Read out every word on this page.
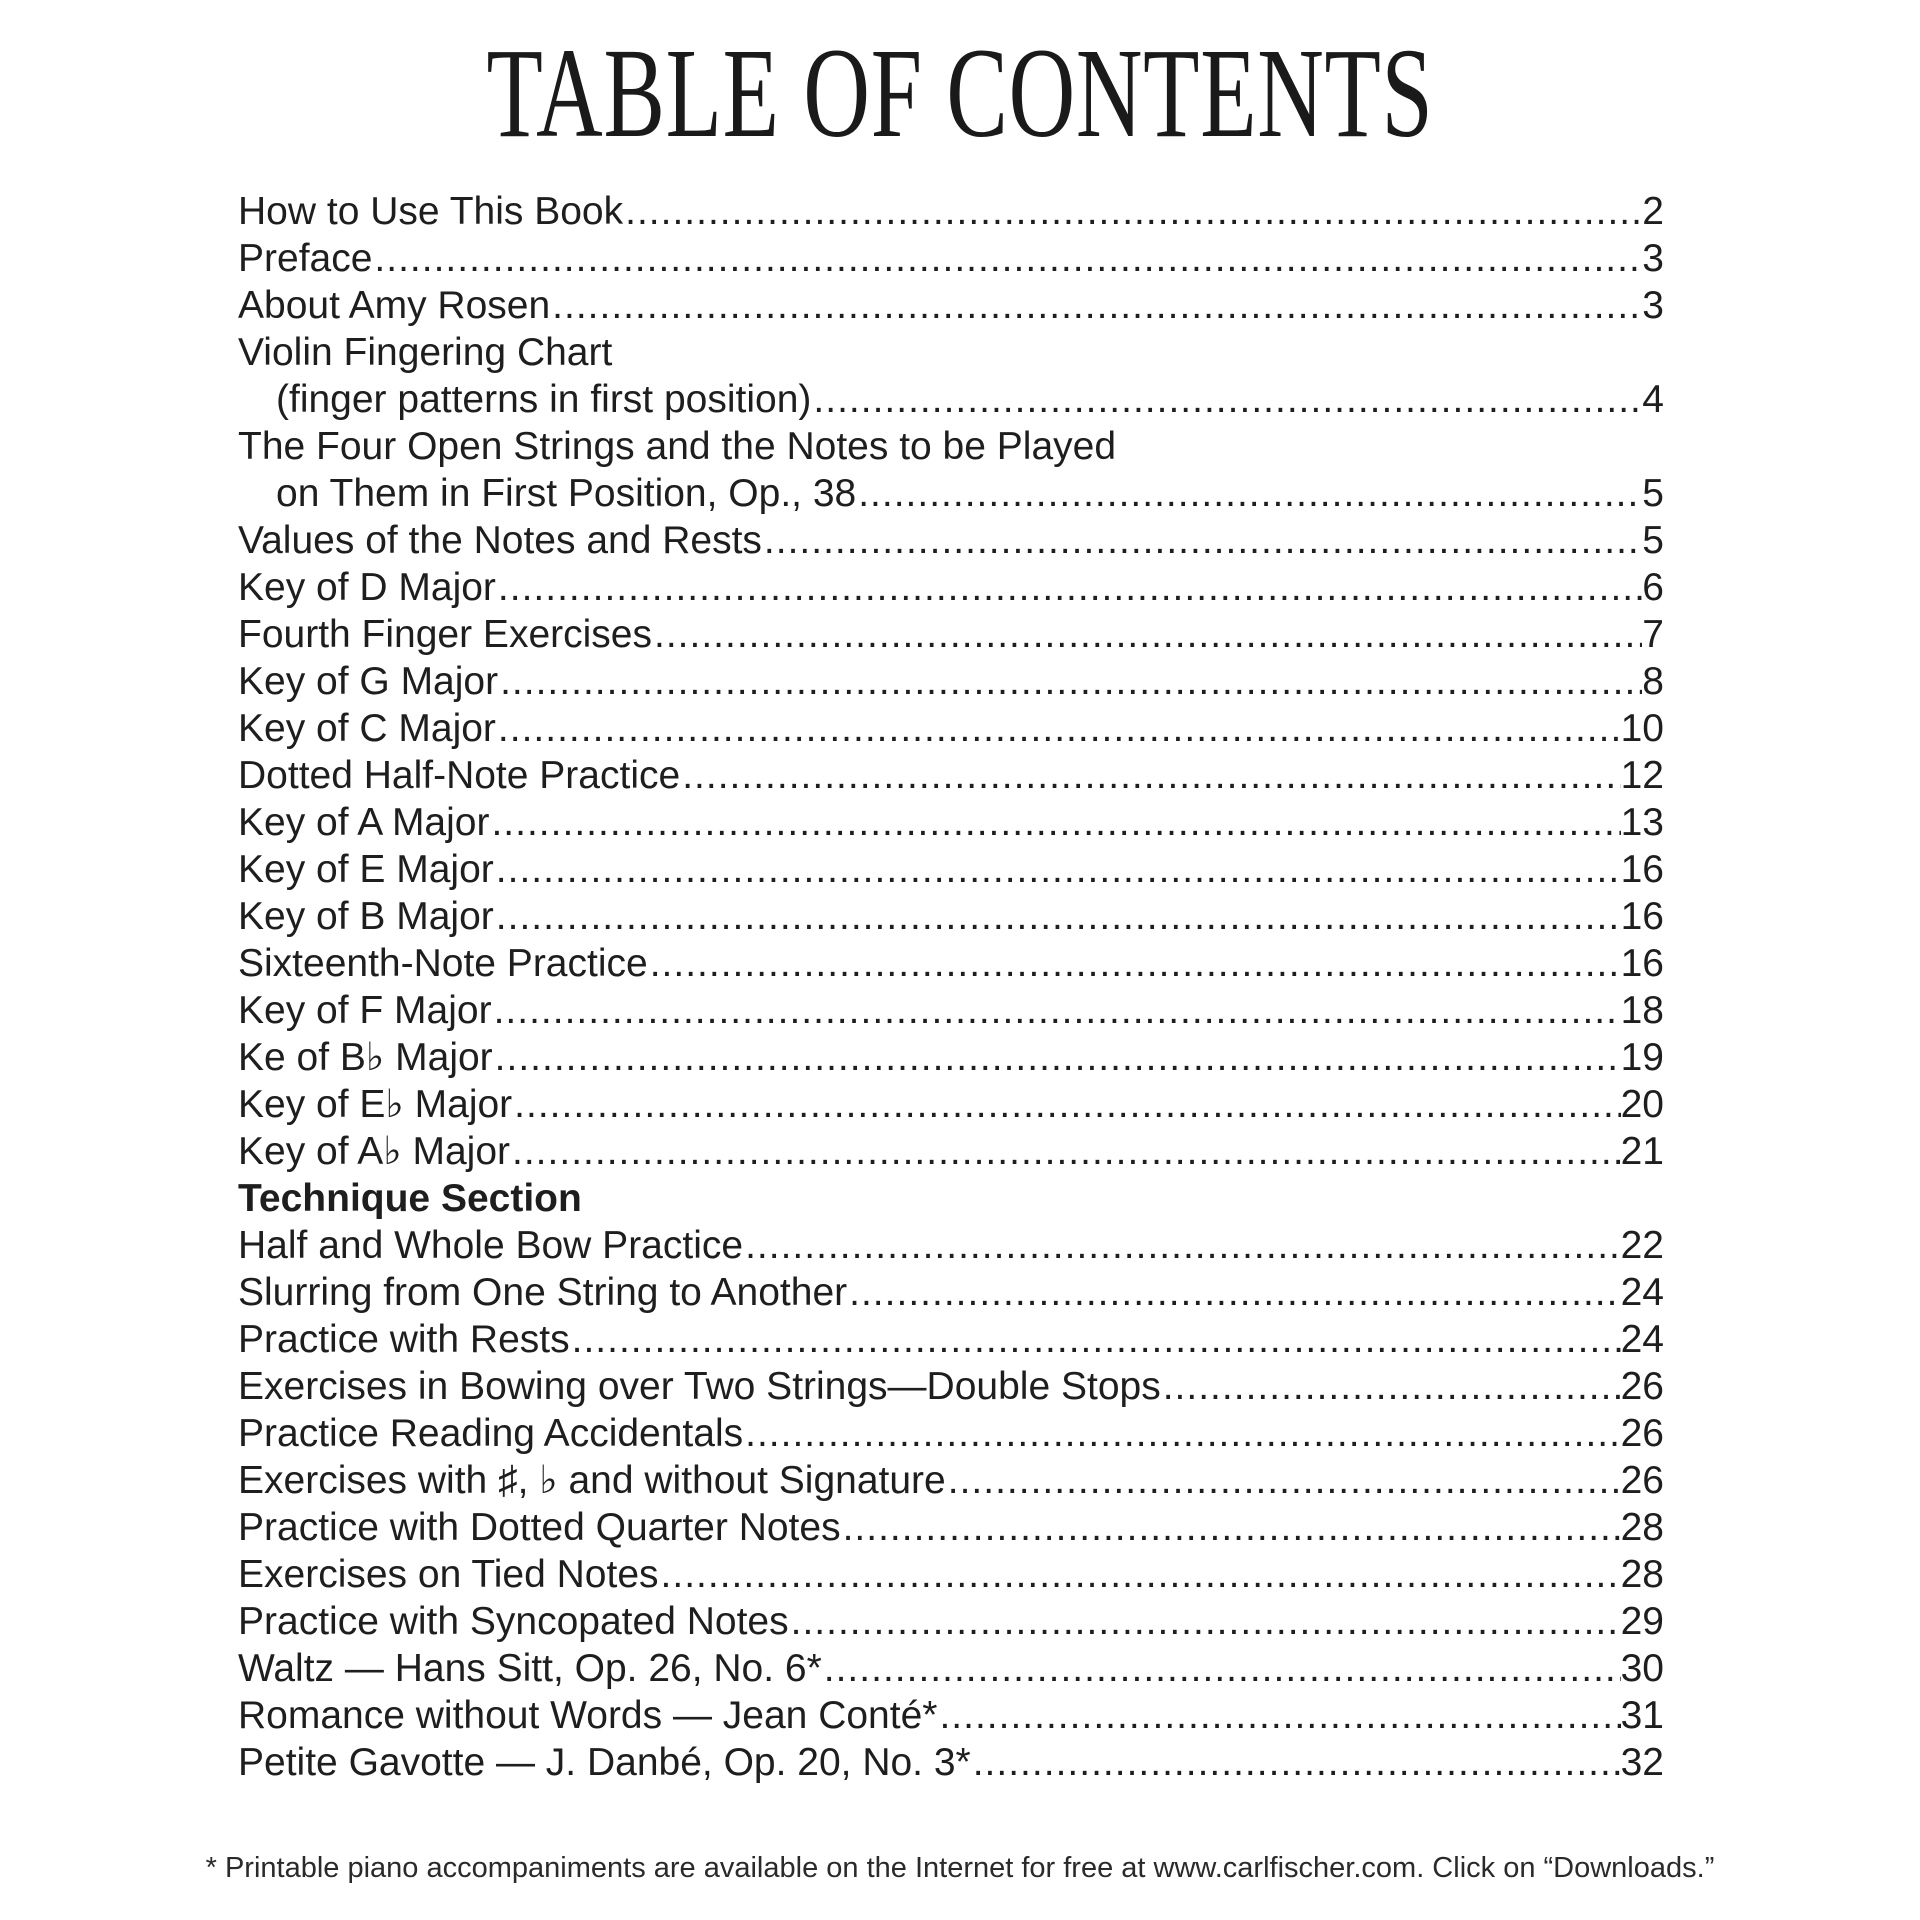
TABLE OF CONTENTS
How to Use This Book .....	2
Preface .....	3
About Amy Rosen .....	3
Violin Fingering Chart
(finger patterns in first position) .....	4
The Four Open Strings and the Notes to be Played
on Them in First Position, Op., 38 .....	5
Values of the Notes and Rests .....	5
Key of D Major .....	6
Fourth Finger Exercises .....	7
Key of G Major .....	8
Key of C Major .....	10
Dotted Half-Note Practice .....	12
Key of A Major .....	13
Key of E Major .....	16
Key of B Major .....	16
Sixteenth-Note Practice .....	16
Key of F Major .....	18
Ke of B♭ Major .....	19
Key of E♭ Major .....	20
Key of A♭ Major .....	21
Technique Section
Half and Whole Bow Practice .....	22
Slurring from One String to Another .....	24
Practice with Rests .....	24
Exercises in Bowing over Two Strings—Double Stops .....	26
Practice Reading Accidentals .....	26
Exercises with ♯, ♭ and without Signature .....	26
Practice with Dotted Quarter Notes .....	28
Exercises on Tied Notes .....	28
Practice with Syncopated Notes .....	29
Waltz — Hans Sitt, Op. 26, No. 6* .....	30
Romance without Words — Jean Conté* .....	31
Petite Gavotte — J. Danbé, Op. 20, No. 3* .....	32
* Printable piano accompaniments are available on the Internet for free at www.carlfischer.com. Click on “Downloads.”
